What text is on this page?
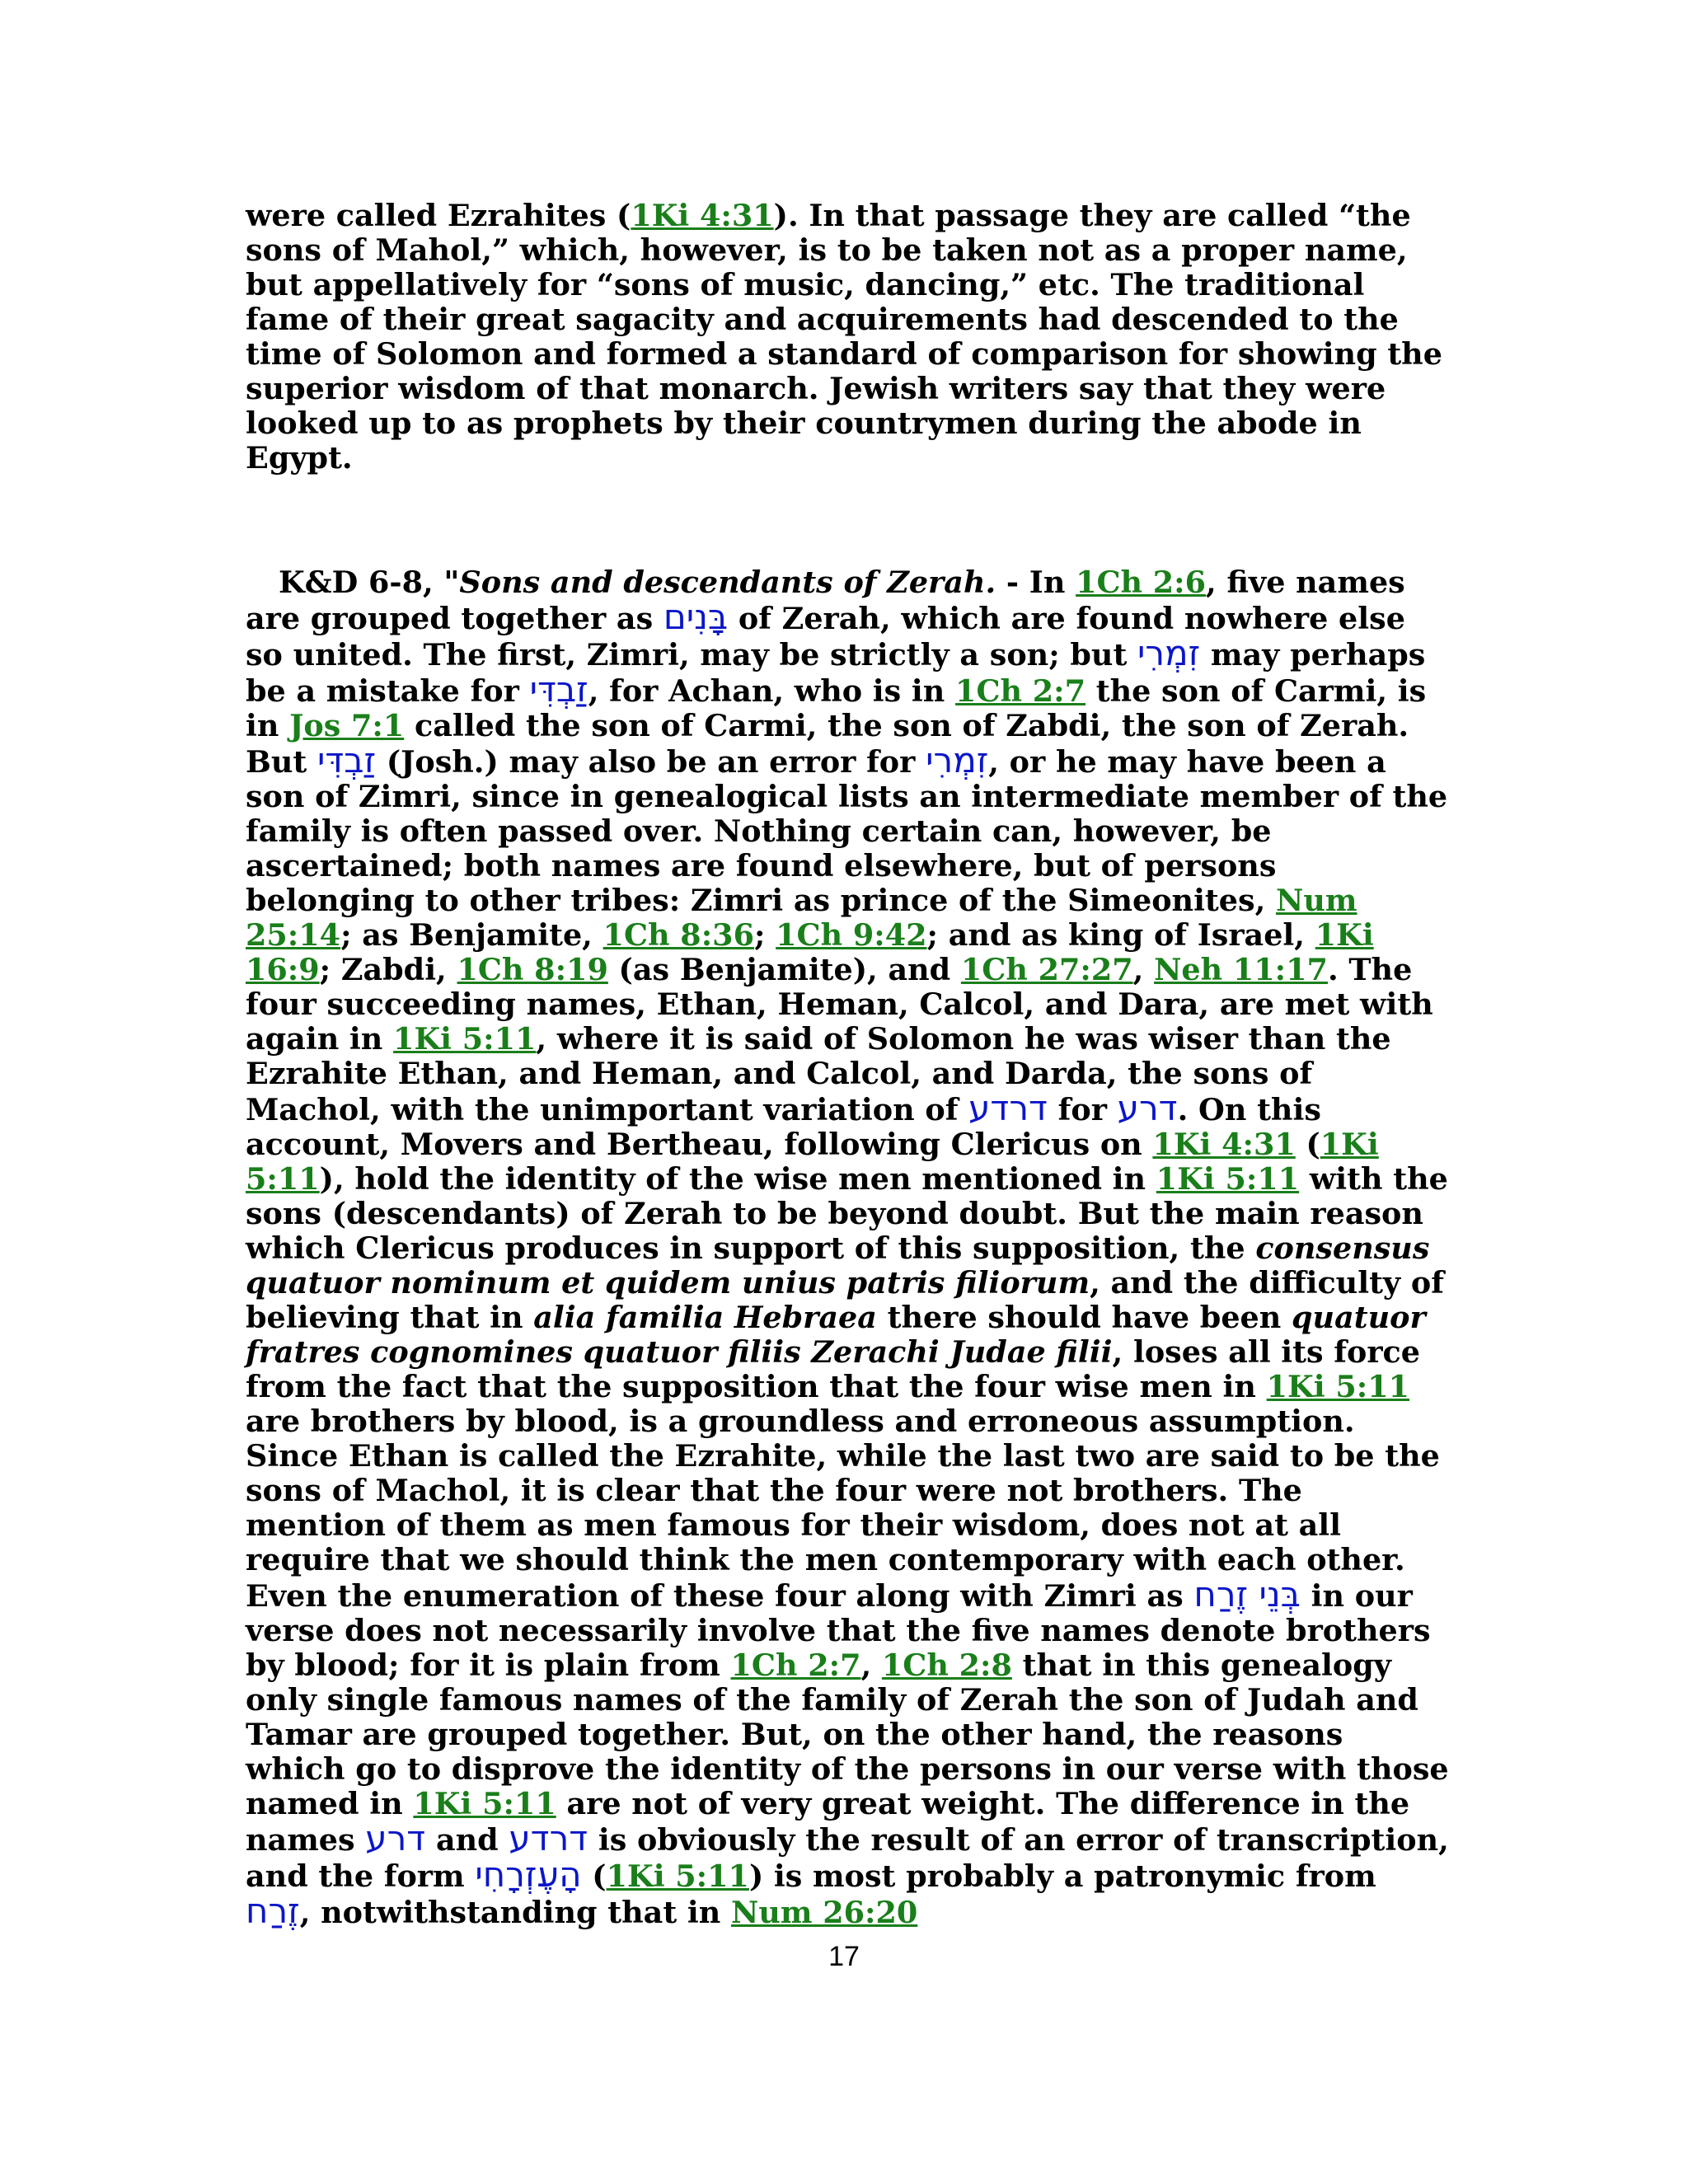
were called Ezrahites (1Ki 4:31). In that passage they are called “the sons of Mahol,” which, however, is to be taken not as a proper name, but appellatively for “sons of music, dancing,” etc. The traditional fame of their great sagacity and acquirements had descended to the time of Solomon and formed a standard of comparison for showing the superior wisdom of that monarch. Jewish writers say that they were looked up to as prophets by their countrymen during the abode in Egypt.

K&D 6-8, "Sons and descendants of Zerah. - In 1Ch 2:6, five names are grouped together as בָּנִים of Zerah, which are found nowhere else so united. The first, Zimri, may be strictly a son; but זִמְרִי may perhaps be a mistake for זַבְדִּי, for Achan, who is in 1Ch 2:7 the son of Carmi, is in Jos 7:1 called the son of Carmi, the son of Zabdi, the son of Zerah. But זַבְדִּי (Josh.) may also be an error for זִמְרִי, or he may have been a son of Zimri, since in genealogical lists an intermediate member of the family is often passed over. Nothing certain can, however, be ascertained; both names are found elsewhere, but of persons belonging to other tribes: Zimri as prince of the Simeonites, Num 25:14; as Benjamite, 1Ch 8:36; 1Ch 9:42; and as king of Israel, 1Ki 16:9; Zabdi, 1Ch 8:19 (as Benjamite), and 1Ch 27:27, Neh 11:17. The four succeeding names, Ethan, Heman, Calcol, and Dara, are met with again in 1Ki 5:11, where it is said of Solomon he was wiser than the Ezrahite Ethan, and Heman, and Calcol, and Darda, the sons of Machol, with the unimportant variation of דרדע for דרע. On this account, Movers and Bertheau, following Clericus on 1Ki 4:31 (1Ki 5:11), hold the identity of the wise men mentioned in 1Ki 5:11 with the sons (descendants) of Zerah to be beyond doubt. But the main reason which Clericus produces in support of this supposition, the consensus quatuor nominum et quidem unius patris filiorum, and the difficulty of believing that in alia familia Hebraea there should have been quatuor fratres cognomines quatuor filiis Zerachi Judae filii, loses all its force from the fact that the supposition that the four wise men in 1Ki 5:11 are brothers by blood, is a groundless and erroneous assumption. Since Ethan is called the Ezrahite, while the last two are said to be the sons of Machol, it is clear that the four were not brothers. The mention of them as men famous for their wisdom, does not at all require that we should think the men contemporary with each other. Even the enumeration of these four along with Zimri as בְּנֵי זֶרַח in our verse does not necessarily involve that the five names denote brothers by blood; for it is plain from 1Ch 2:7, 1Ch 2:8 that in this genealogy only single famous names of the family of Zerah the son of Judah and Tamar are grouped together. But, on the other hand, the reasons which go to disprove the identity of the persons in our verse with those named in 1Ki 5:11 are not of very great weight. The difference in the names דרע and דרדע is obviously the result of an error of transcription, and the form הָעֶזְרָחִי (1Ki 5:11) is most probably a patronymic from זֶרַח, notwithstanding that in Num 26:20

17
